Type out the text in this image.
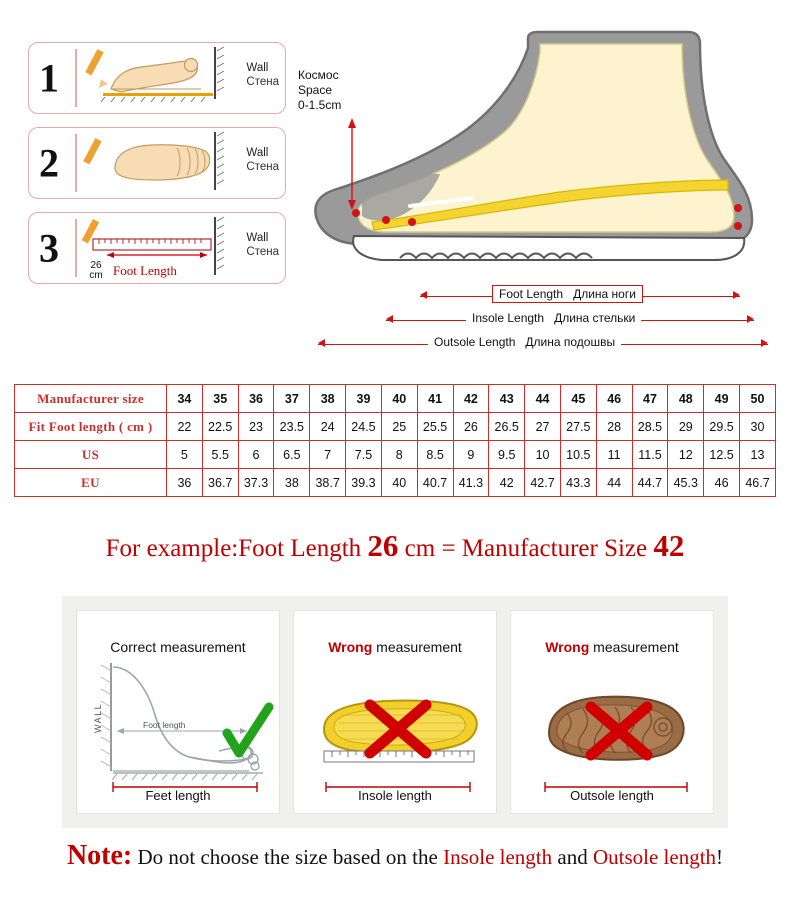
1	Wall
Стена
2	Wall
Стена
3	Wall
Стена
26
cm Foot Length
Космос
Space
0-1.5cm
Foot Length Длина ноги
Insole Length Длина стельки
Outsole Length Длина подошвы
Manufacturer size	34	35	36	37	38	39	40	41	42	43	44	45	46	47	48	49	50
Fit Foot length ( cm )	22	22.5	23	23.5	24	24.5	25	25.5	26	26.5	27	27.5	28	28.5	29	29.5	30
US	5	5.5	6	6.5	7	7.5	8	8.5	9	9.5	10	10.5	11	11.5	12	12.5	13
EU	36	36.7	37.3	38	38.7	39.3	40	40.7	41.3	42	42.7	43.3	44	44.7	45.3	46	46.7
For example:Foot Length 26 cm = Manufacturer Size 42
Correct measurement
WALL	Foot length
Feet length
Wrong measurement
Insole length
Wrong measurement
Outsole length
Note: Do not choose the size based on the Insole length and Outsole length!
